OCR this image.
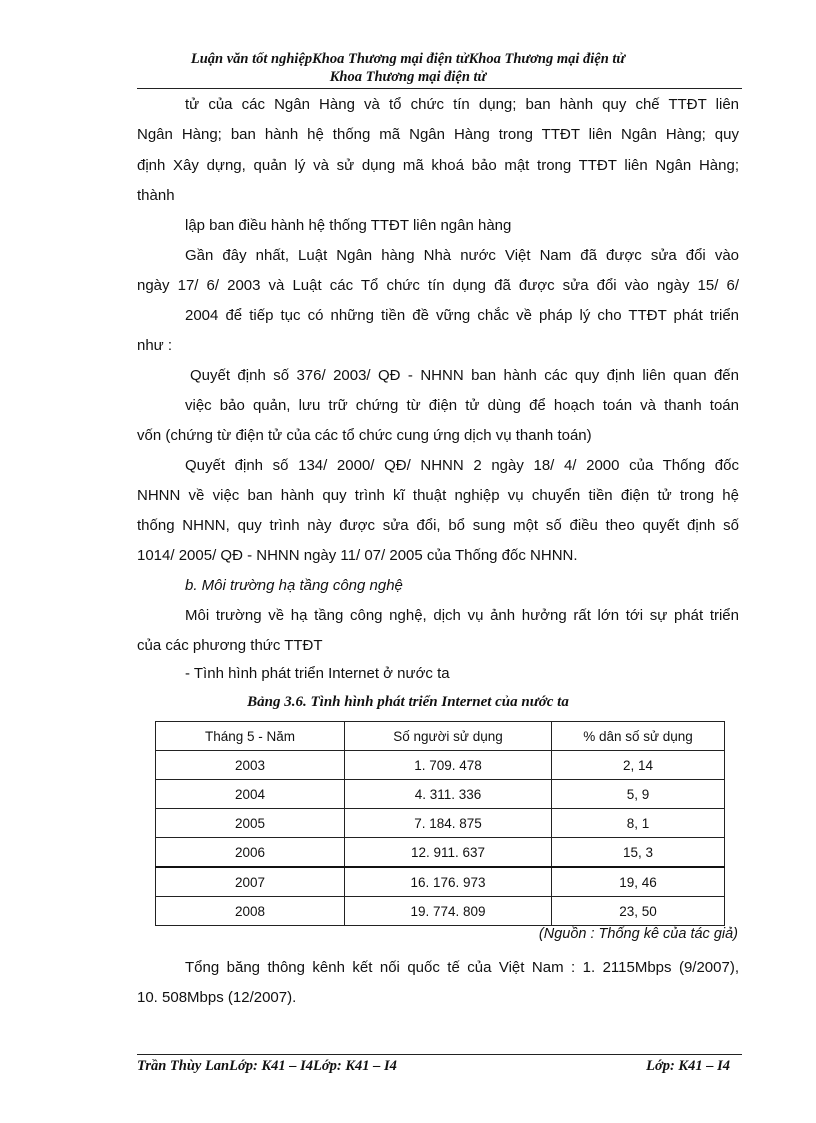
Luận văn tốt nghiệpKhoa Thương mại điện tửKhoa Thương mại điện tử
Khoa Thương mại điện tử
tử của các Ngân Hàng và tổ chức tín dụng; ban hành quy chế TTĐT liên
Ngân Hàng; ban hành hệ thống mã Ngân Hàng trong TTĐT liên Ngân Hàng; quy
định Xây dựng, quản lý và sử dụng mã khoá bảo mật trong TTĐT liên Ngân Hàng;
thành
lập ban điều hành hệ thống TTĐT liên ngân hàng
Gần đây nhất, Luật Ngân hàng Nhà nước Việt Nam đã được sửa đổi vào
ngày 17/ 6/ 2003 và Luật các Tổ chức tín dụng đã được sửa đổi vào ngày 15/ 6/
2004 để tiếp tục có những tiền đề vững chắc về pháp lý cho TTĐT phát triển
như :
Quyết định số 376/ 2003/ QĐ - NHNN ban hành các quy định liên quan đến
việc bảo quản, lưu trữ chứng từ điện tử dùng để hoạch toán và thanh toán
vốn (chứng từ điện tử của các tổ chức cung ứng dịch vụ thanh toán)
Quyết định số 134/ 2000/ QĐ/ NHNN 2 ngày 18/ 4/ 2000 của Thống đốc
NHNN về việc ban hành quy trình kĩ thuật nghiệp vụ chuyển tiền điện tử trong hệ
thống NHNN, quy trình này được sửa đổi, bổ sung một số điều theo quyết định số
1014/ 2005/ QĐ - NHNN ngày 11/ 07/ 2005 của Thống đốc NHNN.
b. Môi trường hạ tầng công nghệ
Môi trường về hạ tầng công nghệ, dịch vụ ảnh hưởng rất lớn tới sự phát triển
của các phương thức TTĐT
- Tình hình phát triển Internet ở nước ta
Bảng 3.6. Tình hình phát triển Internet của nước ta
Tháng 5 - Năm	Số người sử dụng	% dân số sử dụng
2003	1. 709. 478	2, 14
2004	4. 311. 336	5, 9
2005	7. 184. 875	8, 1
2006	12. 911. 637	15, 3
2007	16. 176. 973	19, 46
2008	19. 774. 809	23, 50
(Nguồn : Thống kê của tác giả)
Tổng băng thông kênh kết nối quốc tế của Việt Nam : 1. 2115Mbps (9/2007),
10. 508Mbps (12/2007).
Trần Thùy LanLớp: K41 – I4Lớp: K41 – I4	Lớp: K41 – I4
